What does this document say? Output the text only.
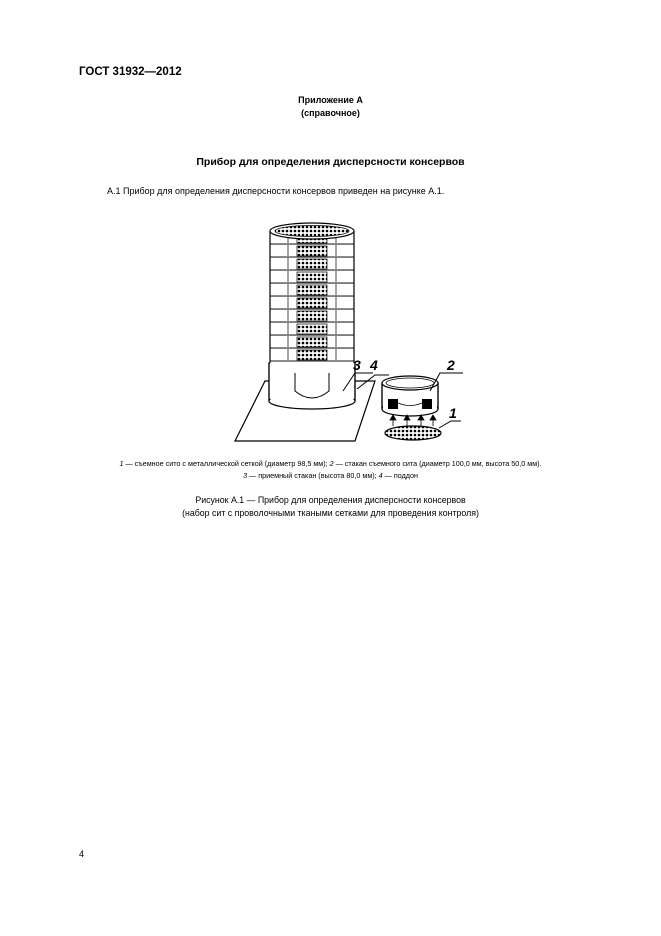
ГОСТ 31932—2012
Приложение А
(справочное)
Прибор для определения дисперсности консервов
А.1 Прибор для определения дисперсности консервов приведен на рисунке А.1.
3 4	2
1
1 — съемное сито с металлической сеткой (диаметр 98,5 мм); 2 — стакан съемного сита (диаметр 100,0 мм, высота 50,0 мм).
3 — приемный стакан (высота 80,0 мм); 4 — поддон
Рисунок А.1 — Прибор для определения дисперсности консервов
(набор сит с проволочными ткаными сетками для проведения контроля)
4
